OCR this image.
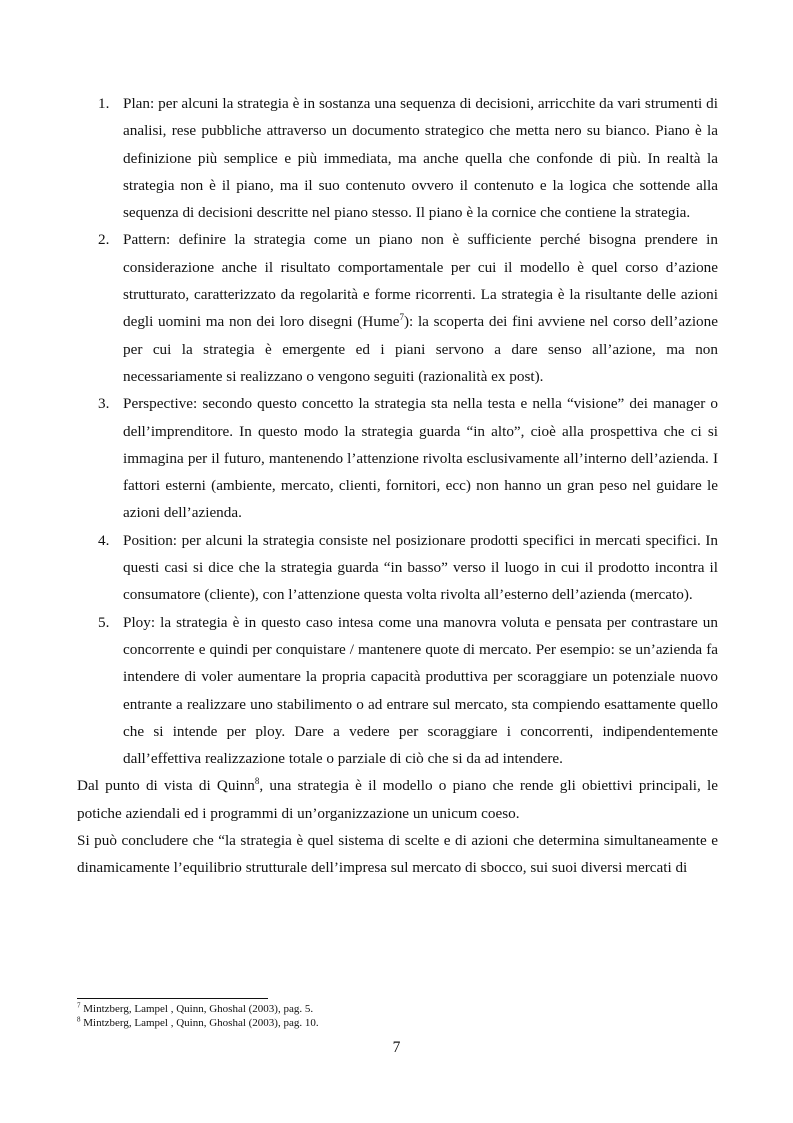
1. Plan: per alcuni la strategia è in sostanza una sequenza di decisioni, arricchite da vari strumenti di analisi, rese pubbliche attraverso un documento strategico che metta nero su bianco. Piano è la definizione più semplice e più immediata, ma anche quella che confonde di più. In realtà la strategia non è il piano, ma il suo contenuto ovvero il contenuto e la logica che sottende alla sequenza di decisioni descritte nel piano stesso. Il piano è la cornice che contiene la strategia.
2. Pattern: definire la strategia come un piano non è sufficiente perché bisogna prendere in considerazione anche il risultato comportamentale per cui il modello è quel corso d’azione strutturato, caratterizzato da regolarità e forme ricorrenti. La strategia è la risultante delle azioni degli uomini ma non dei loro disegni (Hume$^7$): la scoperta dei fini avviene nel corso dell’azione per cui la strategia è emergente ed i piani servono a dare senso all’azione, ma non necessariamente si realizzano o vengono seguiti (razionalità ex post).
3. Perspective: secondo questo concetto la strategia sta nella testa e nella “visione” dei manager o dell’imprenditore. In questo modo la strategia guarda “in alto”, cioè alla prospettiva che ci si immagina per il futuro, mantenendo l’attenzione rivolta esclusivamente all’interno dell’azienda. I fattori esterni (ambiente, mercato, clienti, fornitori, ecc) non hanno un gran peso nel guidare le azioni dell’azienda.
4. Position: per alcuni la strategia consiste nel posizionare prodotti specifici in mercati specifici. In questi casi si dice che la strategia guarda “in basso” verso il luogo in cui il prodotto incontra il consumatore (cliente), con l’attenzione questa volta rivolta all’esterno dell’azienda (mercato).
5. Ploy: la strategia è in questo caso intesa come una manovra voluta e pensata per contrastare un concorrente e quindi per conquistare / mantenere quote di mercato. Per esempio: se un’azienda fa intendere di voler aumentare la propria capacità produttiva per scoraggiare un potenziale nuovo entrante a realizzare uno stabilimento o ad entrare sul mercato, sta compiendo esattamente quello che si intende per ploy. Dare a vedere per scoraggiare i concorrenti, indipendentemente dall’effettiva realizzazione totale o parziale di ciò che si da ad intendere.
Dal punto di vista di Quinn$^8$, una strategia è il modello o piano che rende gli obiettivi principali, le potiche aziendali ed i programmi di un’organizzazione un unicum coeso.
Si può concludere che “la strategia è quel sistema di scelte e di azioni che determina simultaneamente e dinamicamente l’equilibrio strutturale dell’impresa sul mercato di sbocco, sui suoi diversi mercati di
$^7$ Mintzberg, Lampel , Quinn, Ghoshal (2003), pag. 5.
$^8$ Mintzberg, Lampel , Quinn, Ghoshal (2003), pag. 10.
7
